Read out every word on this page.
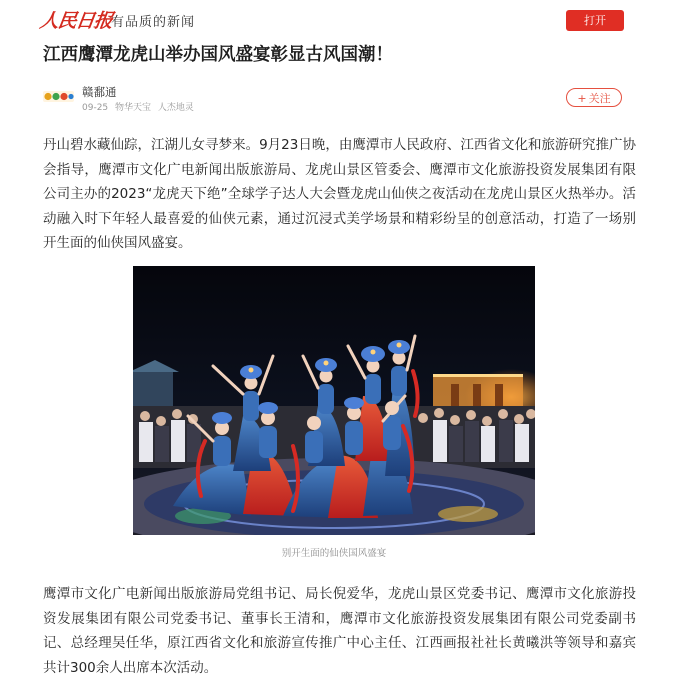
人民日报
有品质的新闻	打开
江西鹰潭龙虎山举办国风盛宴彰显古风国潮！
赣鄱通
09-25 物华天宝 人杰地灵
+ 关注

丹山碧水藏仙踪，江湖儿女寻梦来。9月23日晚，由鹰潭市人民政府、江西省文化和旅游研究推广协会指导，鹰潭市文化广电新闻出版旅游局、龙虎山景区管委会、鹰潭市文化旅游投资发展集团有限公司主办的2023“龙虎天下绝”全球学子达人大会暨龙虎山仙侠之夜活动在龙虎山景区火热举办。活动融入时下年轻人最喜爱的仙侠元素，通过沉浸式美学场景和精彩纷呈的创意活动，打造了一场别开生面的仙侠国风盛宴。

别开生面的仙侠国风盛宴

鹰潭市文化广电新闻出版旅游局党组书记、局长倪爱华，龙虎山景区党委书记、鹰潭市文化旅游投资发展集团有限公司党委书记、董事长王清和，鹰潭市文化旅游投资发展集团有限公司党委副书记、总经理吴任华，原江西省文化和旅游宣传推广中心主任、江西画报社社长黄曦洪等领导和嘉宾共计300余人出席本次活动。
